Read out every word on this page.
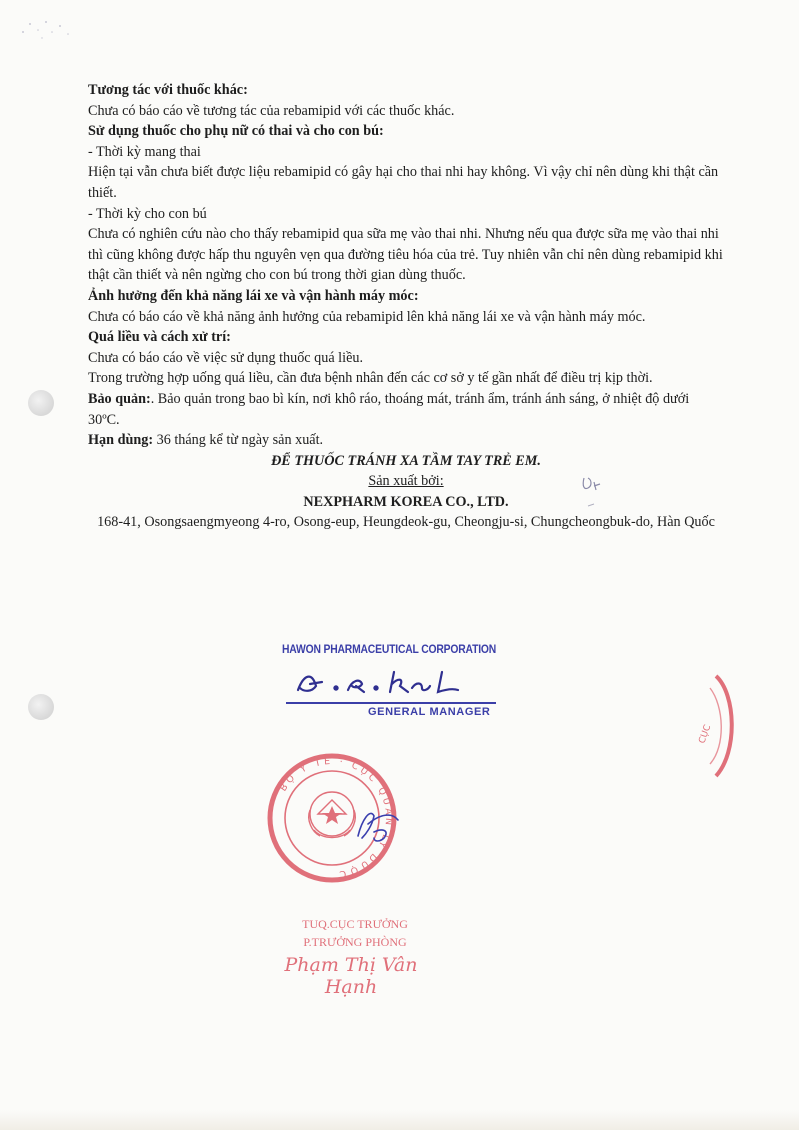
Tương tác với thuốc khác:

Chưa có báo cáo về tương tác của rebamipid với các thuốc khác.

Sử dụng thuốc cho phụ nữ có thai và cho con bú:

- Thời kỳ mang thai

Hiện tại vẫn chưa biết được liệu rebamipid có gây hại cho thai nhi hay không. Vì vậy chỉ nên dùng khi thật cần thiết.

- Thời kỳ cho con bú

Chưa có nghiên cứu nào cho thấy rebamipid qua sữa mẹ vào thai nhi. Nhưng nếu qua được sữa mẹ vào thai nhi thì cũng không được hấp thu nguyên vẹn qua đường tiêu hóa của trẻ. Tuy nhiên vẫn chỉ nên dùng rebamipid khi thật cần thiết và nên ngừng cho con bú trong thời gian dùng thuốc.

Ảnh hưởng đến khả năng lái xe và vận hành máy móc:

Chưa có báo cáo về khả năng ảnh hưởng của rebamipid lên khả năng lái xe và vận hành máy móc.

Quá liều và cách xử trí:

Chưa có báo cáo về việc sử dụng thuốc quá liều.

Trong trường hợp uống quá liều, cần đưa bệnh nhân đến các cơ sở y tế gần nhất để điều trị kịp thời.

Bảo quản:. Bảo quản trong bao bì kín, nơi khô ráo, thoáng mát, tránh ẩm, tránh ánh sáng, ở nhiệt độ dưới 30ºC.

Hạn dùng: 36 tháng kể từ ngày sản xuất.

ĐỂ THUỐC TRÁNH XA TẦM TAY TRẺ EM.

Sản xuất bởi:

NEXPHARM KOREA CO., LTD.

168-41, Osongsaengmyeong 4-ro, Osong-eup, Heungdeok-gu, Cheongju-si, Chungcheongbuk-do, Hàn Quốc

HAWON PHARMACEUTICAL CORPORATION
GENERAL MANAGER
CỤC
BỘ Y TẾ · CỤC QUẢN LÝ DƯỢC
TUQ.CỤC TRƯỞNG
P.TRƯỞNG PHÒNG
Phạm Thị Vân Hạnh
